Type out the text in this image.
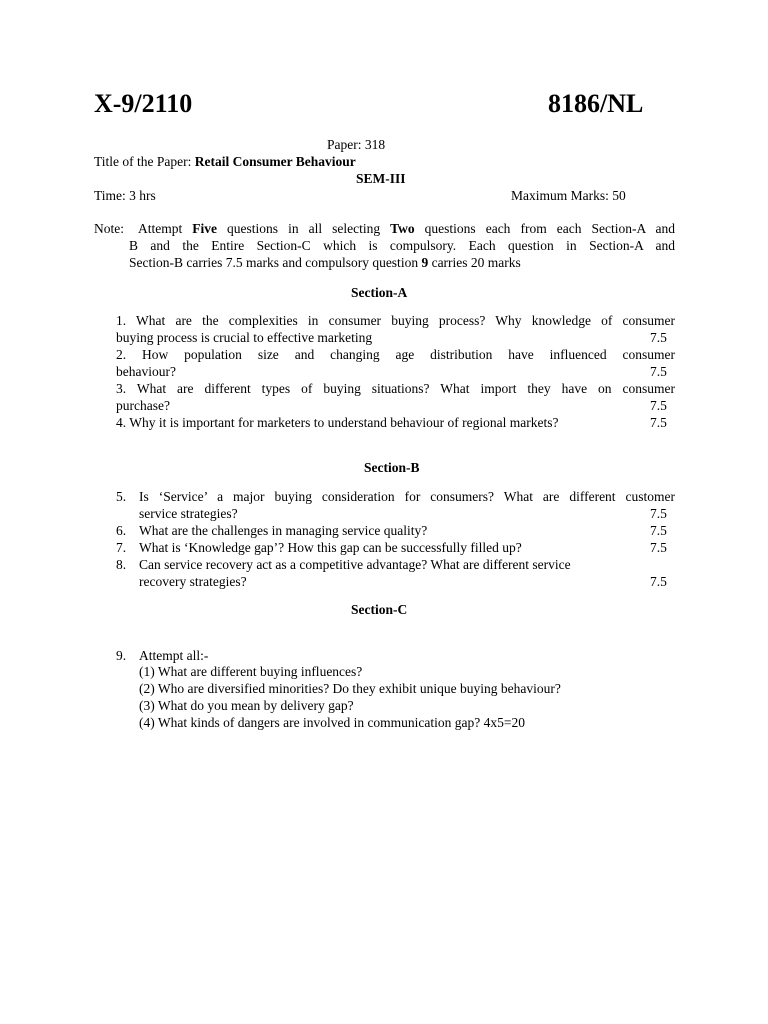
X-9/2110	8186/NL
Paper: 318
Title of the Paper: Retail Consumer Behaviour
SEM-III
Time: 3 hrs	Maximum Marks: 50
Note: Attempt Five questions in all selecting Two questions each from each Section-A and
B and the Entire Section-C which is compulsory. Each question in Section-A and
Section-B carries 7.5 marks and compulsory question 9 carries 20 marks
Section-A
1. What are the complexities in consumer buying process? Why knowledge of consumer
buying process is crucial to effective marketing	7.5
2. How population size and changing age distribution have influenced consumer
behaviour?	7.5
3. What are different types of buying situations? What import they have on consumer
purchase?	7.5
4. Why it is important for marketers to understand behaviour of regional markets?	7.5
Section-B
5. Is ‘Service’ a major buying consideration for consumers? What are different customer
service strategies?	7.5
6. What are the challenges in managing service quality?	7.5
7. What is ‘Knowledge gap’? How this gap can be successfully filled up?	7.5
8. Can service recovery act as a competitive advantage? What are different service
recovery strategies?	7.5
Section-C
9. Attempt all:-
(1) What are different buying influences?
(2) Who are diversified minorities? Do they exhibit unique buying behaviour?
(3) What do you mean by delivery gap?
(4) What kinds of dangers are involved in communication gap? 4x5=20
